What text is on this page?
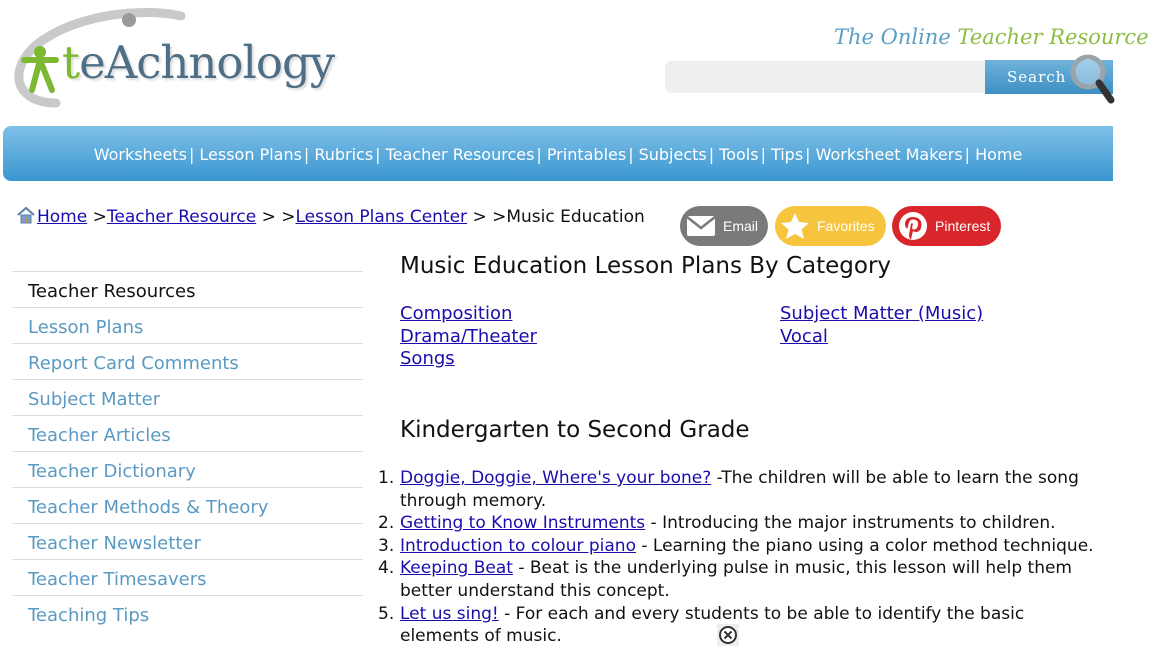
teAchnology	The Online Teacher Resource
Search
Worksheets | Lesson Plans | Rubrics | Teacher Resources | Printables | Subjects | Tools | Tips | Worksheet Makers | Home
Home >Teacher Resource > >Lesson Plans Center > >Music Education	Email	Favorites	Pinterest
Teacher Resources
Lesson Plans
Report Card Comments
Subject Matter
Teacher Articles
Teacher Dictionary
Teacher Methods & Theory
Teacher Newsletter
Teacher Timesavers
Teaching Tips
Music Education Lesson Plans By Category
Composition
Drama/Theater
Songs
Subject Matter (Music)
Vocal
Kindergarten to Second Grade
1. Doggie, Doggie, Where's your bone? -The children will be able to learn the song through memory.
2. Getting to Know Instruments - Introducing the major instruments to children.
3. Introduction to colour piano - Learning the piano using a color method technique.
4. Keeping Beat - Beat is the underlying pulse in music, this lesson will help them better understand this concept.
5. Let us sing! - For each and every students to be able to identify the basic elements of music.
